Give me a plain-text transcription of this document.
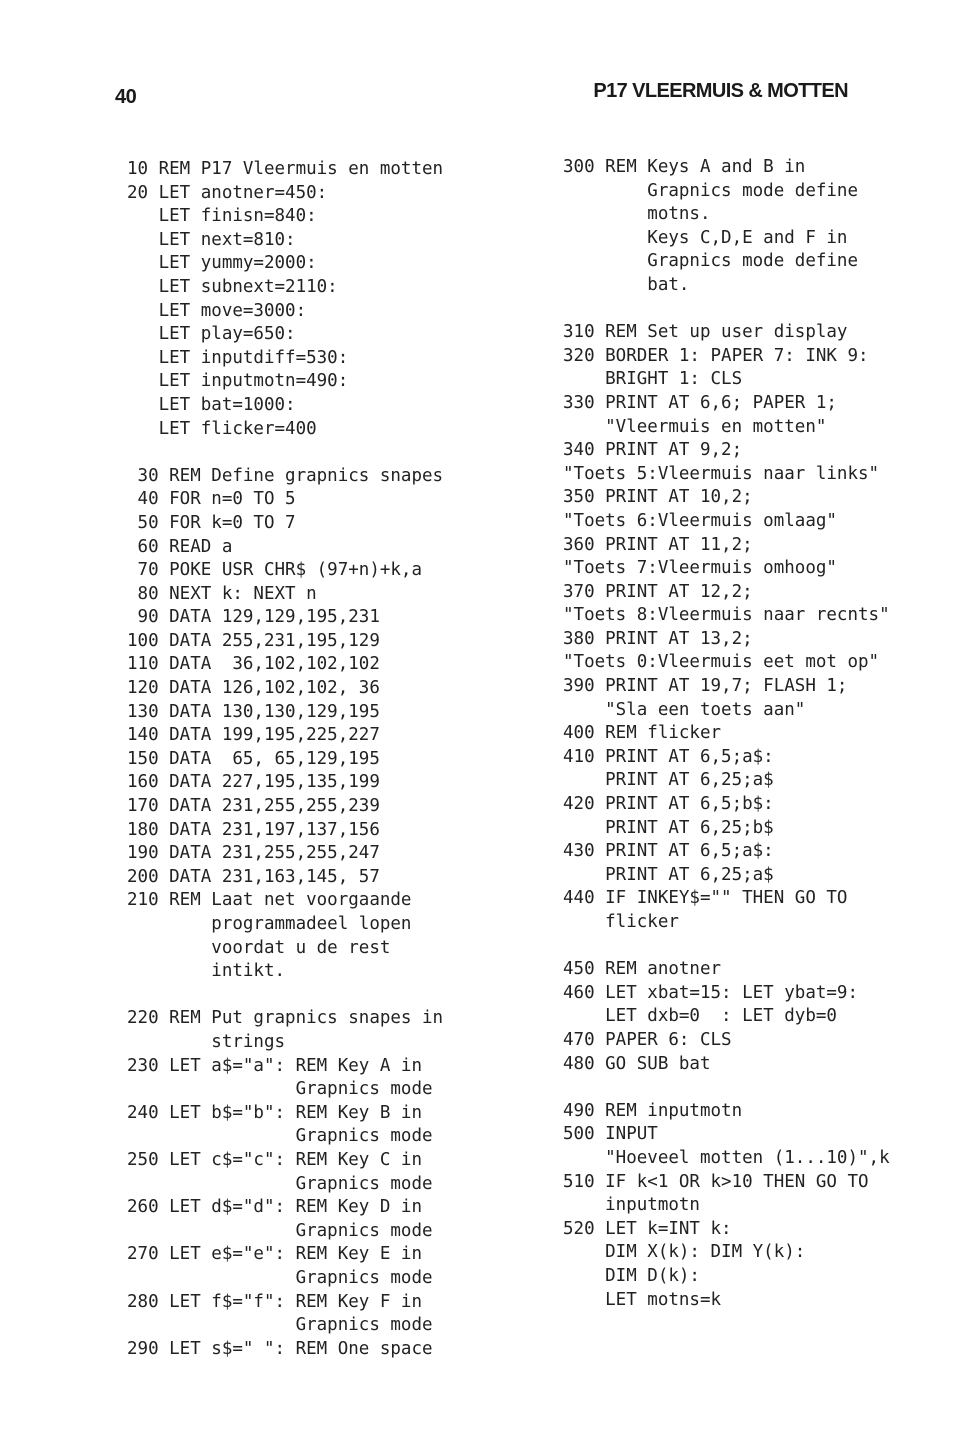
40	P17 VLEERMUIS & MOTTEN
10 REM P17 Vleermuis en motten
20 LET anotner=450:
LET finisn=840:
LET next=810:
LET yummy=2000:
LET subnext=2110:
LET move=3000:
LET play=650:
LET inputdiff=530:
LET inputmotn=490:
LET bat=1000:
LET flicker=400
30 REM Define grapnics snapes
40 FOR n=0 TO 5
50 FOR k=0 TO 7
60 READ a
70 POKE USR CHR$ (97+n)+k,a
80 NEXT k: NEXT n
90 DATA 129,129,195,231
100 DATA 255,231,195,129
110 DATA  36,102,102,102
120 DATA 126,102,102, 36
130 DATA 130,130,129,195
140 DATA 199,195,225,227
150 DATA  65, 65,129,195
160 DATA 227,195,135,199
170 DATA 231,255,255,239
180 DATA 231,197,137,156
190 DATA 231,255,255,247
200 DATA 231,163,145, 57
210 REM Laat net voorgaande
programmadeel lopen
voordat u de rest
intikt.
220 REM Put grapnics snapes in
strings
230 LET a$="a": REM Key A in
Grapnics mode
240 LET b$="b": REM Key B in
Grapnics mode
250 LET c$="c": REM Key C in
Grapnics mode
260 LET d$="d": REM Key D in
Grapnics mode
270 LET e$="e": REM Key E in
Grapnics mode
280 LET f$="f": REM Key F in
Grapnics mode
290 LET s$=" ": REM One space
300 REM Keys A and B in
Grapnics mode define
motns.
Keys C,D,E and F in
Grapnics mode define
bat.
310 REM Set up user display
320 BORDER 1: PAPER 7: INK 9:
BRIGHT 1: CLS
330 PRINT AT 6,6; PAPER 1;
"Vleermuis en motten"
340 PRINT AT 9,2;
"Toets 5:Vleermuis naar links"
350 PRINT AT 10,2;
"Toets 6:Vleermuis omlaag"
360 PRINT AT 11,2;
"Toets 7:Vleermuis omhoog"
370 PRINT AT 12,2;
"Toets 8:Vleermuis naar recnts"
380 PRINT AT 13,2;
"Toets 0:Vleermuis eet mot op"
390 PRINT AT 19,7; FLASH 1;
"Sla een toets aan"
400 REM flicker
410 PRINT AT 6,5;a$:
PRINT AT 6,25;a$
420 PRINT AT 6,5;b$:
PRINT AT 6,25;b$
430 PRINT AT 6,5;a$:
PRINT AT 6,25;a$
440 IF INKEY$="" THEN GO TO
flicker
450 REM anotner
460 LET xbat=15: LET ybat=9:
LET dxb=0  : LET dyb=0
470 PAPER 6: CLS
480 GO SUB bat
490 REM inputmotn
500 INPUT
"Hoeveel motten (1...10)",k
510 IF k<1 OR k>10 THEN GO TO
inputmotn
520 LET k=INT k:
DIM X(k): DIM Y(k):
DIM D(k):
LET motns=k
